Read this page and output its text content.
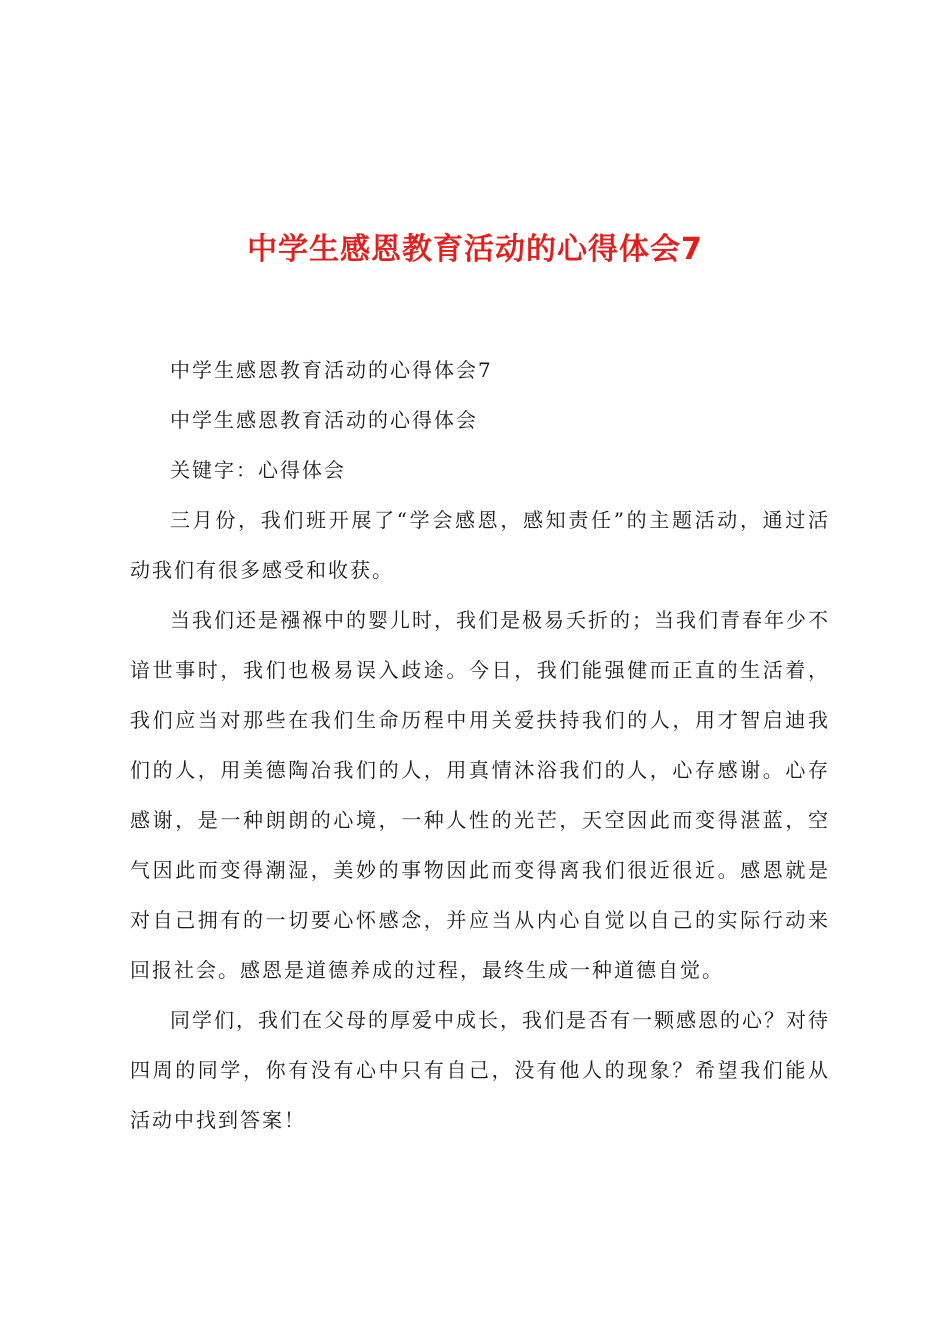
中学生感恩教育活动的心得体会7

中学生感恩教育活动的心得体会7

中学生感恩教育活动的心得体会

关键字：心得体会

三月份，我们班开展了“学会感恩，感知责任”的主题活动，通过活动我们有很多感受和收获。

当我们还是襁褓中的婴儿时，我们是极易夭折的；当我们青春年少不谙世事时，我们也极易误入歧途。今日，我们能强健而正直的生活着，我们应当对那些在我们生命历程中用关爱扶持我们的人，用才智启迪我们的人，用美德陶冶我们的人，用真情沐浴我们的人，心存感谢。心存感谢，是一种朗朗的心境，一种人性的光芒，天空因此而变得湛蓝，空气因此而变得潮湿，美妙的事物因此而变得离我们很近很近。感恩就是对自己拥有的一切要心怀感念，并应当从内心自觉以自己的实际行动来回报社会。感恩是道德养成的过程，最终生成一种道德自觉。

同学们，我们在父母的厚爱中成长，我们是否有一颗感恩的心？对待四周的同学，你有没有心中只有自己，没有他人的现象？希望我们能从活动中找到答案！
